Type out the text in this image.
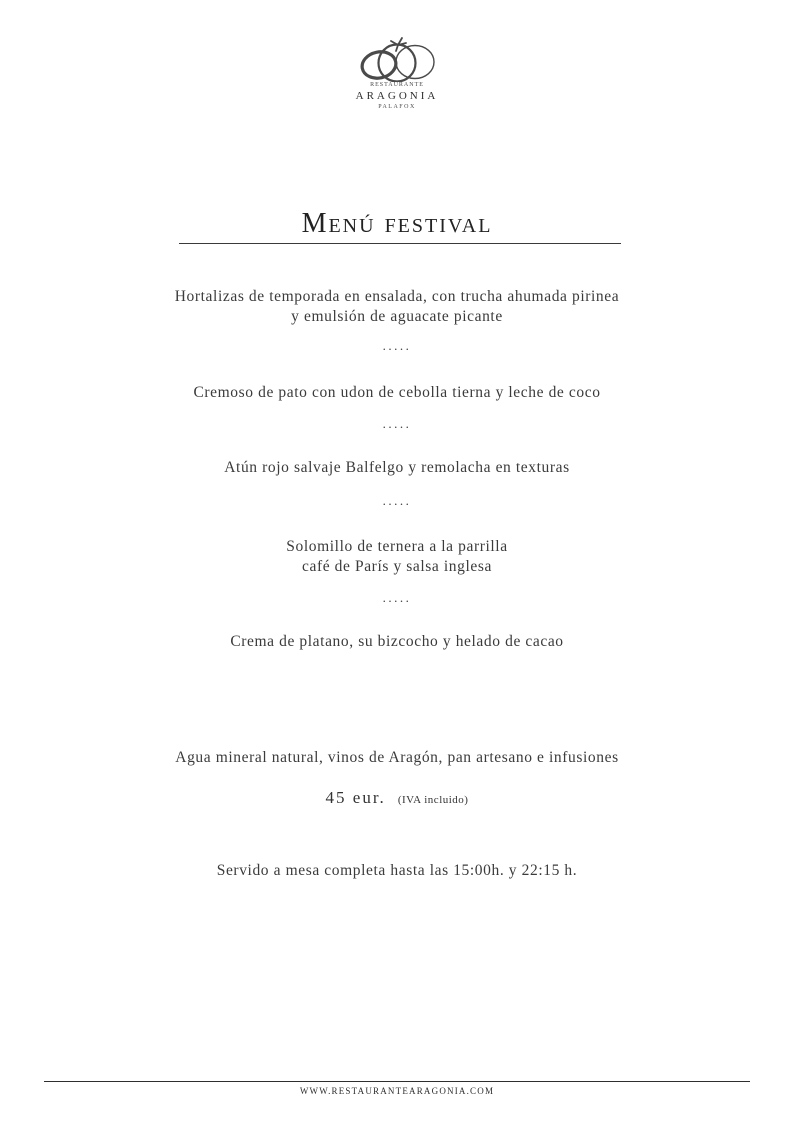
RESTAURANTE
ARAGONIA
PALAFOX
Menú festival
Hortalizas de temporada en ensalada, con trucha ahumada pirinea
y emulsión de aguacate picante
.....
Cremoso de pato con udon de cebolla tierna y leche de coco
.....
Atún rojo salvaje Balfelgo y remolacha en texturas
.....
Solomillo de ternera a la parrilla
café de París y salsa inglesa
.....
Crema de platano, su bizcocho y helado de cacao
Agua mineral natural, vinos de Aragón, pan artesano e infusiones
45 eur. (IVA incluido)
Servido a mesa completa hasta las 15:00h. y 22:15 h.
WWW.RESTAURANTEARAGONIA.COM
